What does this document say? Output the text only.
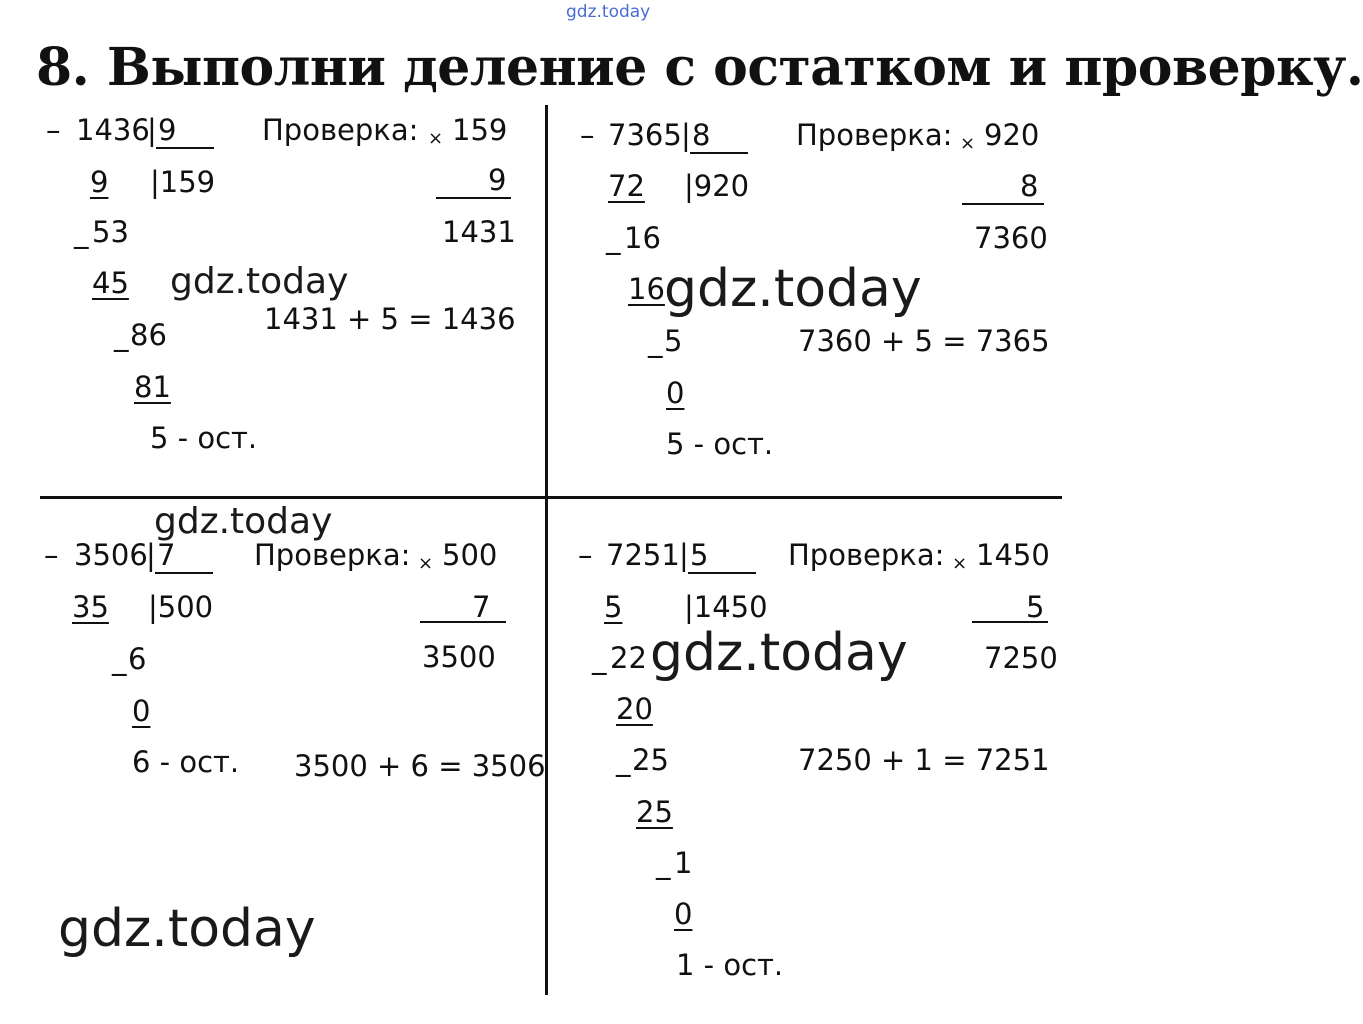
gdz.today
8. Выполни деление с остатком и проверку.
– 1436
| 9	Проверка: × 159
9 |159	9
_ 53	1431
45 gdz.today
1431 + 5 = 1436
_ 86
81
5 - ост.
– 7365 | 8	Проверка: × 920
72 |920	8
_ 16	7360
16 gdz.today
_ 5	7360 + 5 = 7365
0
5 - ост.
gdz.today
– 3506
| 7	Проверка: × 500
35 |500	7
_ 6	3500
0
6 - ост. 3500 + 6 = 3506
gdz.today
– 7251 | 5	Проверка: × 1450
5 |1450	5
_ 22 gdz.today	7250
20
_ 25	7250 + 1 = 7251
25
_ 1
0
1 - ост.
